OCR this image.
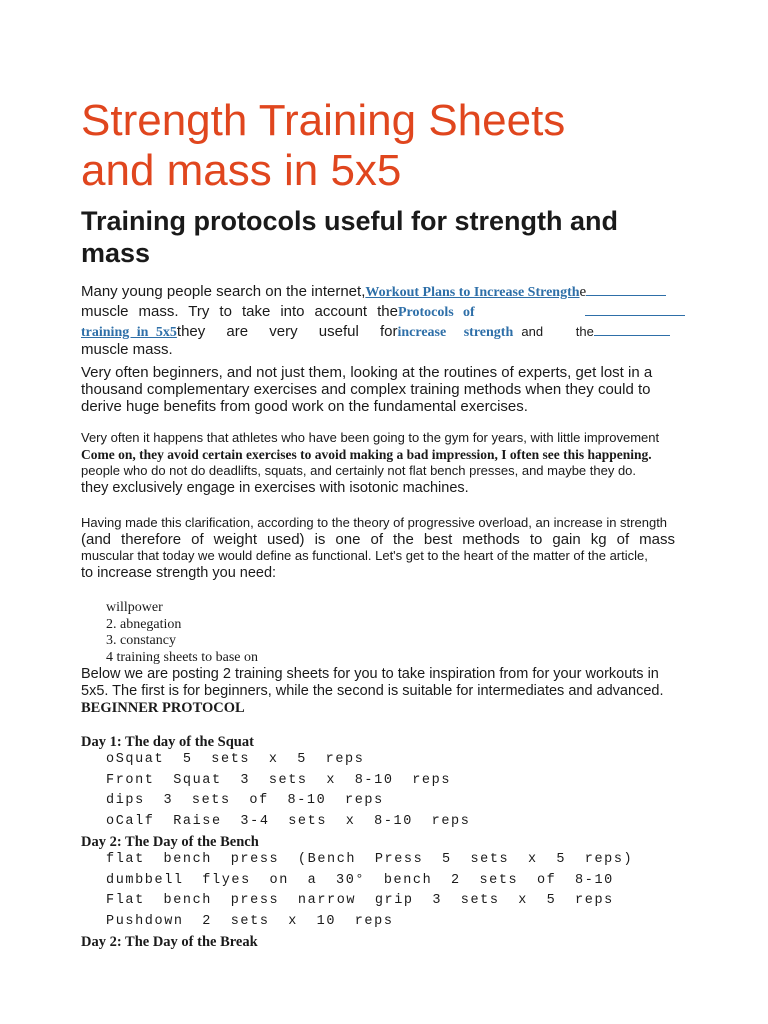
Strength Training Sheets
and mass in 5x5
Training protocols useful for strength and
mass
Many young people search on the internet,Workout Plans to Increase Strengthe
muscle mass. Try to take into account theProtocols of
training in 5x5they are very useful forincrease strength and	the
muscle mass.
Very often beginners, and not just them, looking at the routines of experts, get lost in a thousand complementary exercises and complex training methods when they could to derive huge benefits from good work on the fundamental exercises.
Very often it happens that athletes who have been going to the gym for years, with little improvement
Come on, they avoid certain exercises to avoid making a bad impression, I often see this happening.
people who do not do deadlifts, squats, and certainly not flat bench presses, and maybe they do.
they exclusively engage in exercises with isotonic machines.
Having made this clarification, according to the theory of progressive overload, an increase in strength
(and therefore of weight used) is one of the best methods to gain kg of mass
muscular that today we would define as functional. Let's get to the heart of the matter of the article,
to increase strength you need:
willpower
2. abnegation
3. constancy
4 training sheets to base on
Below we are posting 2 training sheets for you to take inspiration from for your workouts in
5x5. The first is for beginners, while the second is suitable for intermediates and advanced.
BEGINNER PROTOCOL
Day 1: The day of the Squat
oSquat 5 sets x 5 reps
Front Squat 3 sets x 8-10 reps
dips 3 sets of 8-10 reps
oCalf Raise 3-4 sets x 8-10 reps
Day 2: The Day of the Bench
flat bench press (Bench Press 5 sets x 5 reps)
dumbbell flyes on a 30° bench 2 sets of 8-10
Flat bench press narrow grip 3 sets x 5 reps
Pushdown 2 sets x 10 reps
Day 2: The Day of the Break
